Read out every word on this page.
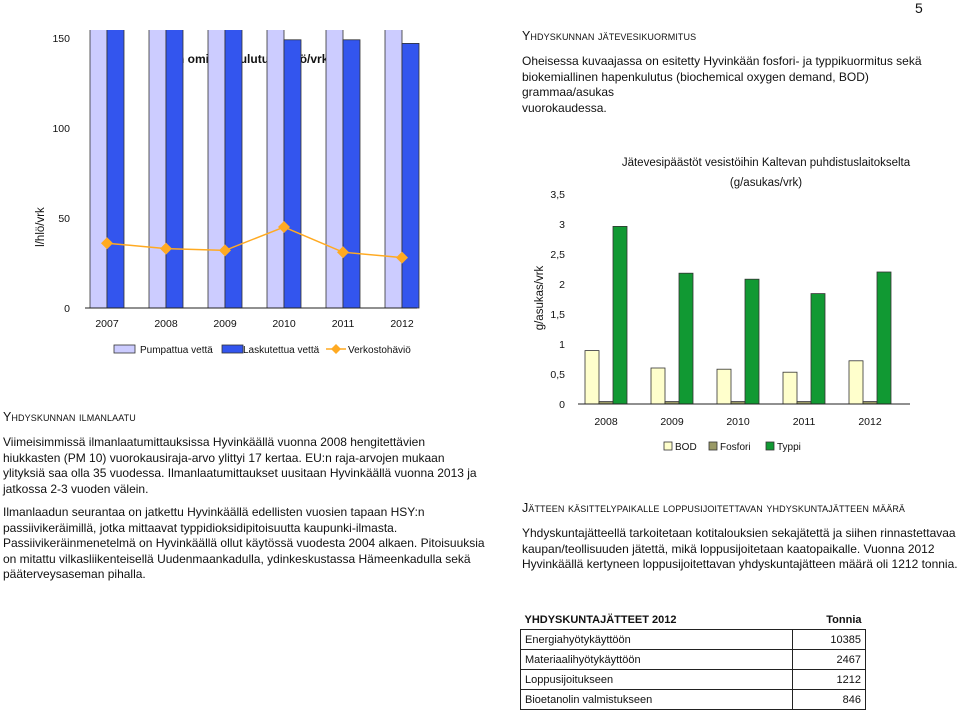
5
l/hlö/vrk
0
50
100
150
l/hlö/vrk
2007	2008	2009	2010	2011	2012
Pumpattua vettä	Laskutettua vettä	Verkostohäviö
Yhdyskunnan jätevesikuormitus
Oheisessa kuvaajassa on esitetty Hyvinkään fosfori- ja typpikuormitus sekä
biokemiallinen hapenkulutus (biochemical oxygen demand, BOD) grammaa/asukas
vuorokaudessa.
Jätevesipäästöt vesistöihin Kaltevan puhdistuslaitokselta
(g/asukas/vrk)
g/asukas/vrk
0
0,5
1
1,5
2
2,5
3
3,5
2008	2009	2010	2011	2012
BOD Fosfori	Typpi
Yhdyskunnan ilmanlaatu
Viimeisimmissä ilmanlaatumittauksissa Hyvinkäällä vuonna 2008 hengitettävien
hiukkasten (PM 10) vuorokausiraja-arvo ylittyi 17 kertaa. EU:n raja-arvojen mukaan
ylityksiä saa olla 35 vuodessa. Ilmanlaatumittaukset uusitaan Hyvinkäällä vuonna 2013 ja
jatkossa 2-3 vuoden välein.
Ilmanlaadun seurantaa on jatkettu Hyvinkäällä edellisten vuosien tapaan HSY:n
passiivikeräimillä, jotka mittaavat typpidioksidipitoisuutta kaupunki-ilmasta.
Passiivikeräinmenetelmä on Hyvinkäällä ollut käytössä vuodesta 2004 alkaen. Pitoisuuksia
on mitattu vilkasliikenteisellä Uudenmaankadulla, ydinkeskustassa Hämeenkadulla sekä
pääterveysaseman pihalla.
Jätteen käsittelypaikalle loppusijoitettavan yhdyskuntajätteen määrä
Yhdyskuntajätteellä tarkoitetaan kotitalouksien sekajätettä ja siihen rinnastettavaa
kaupan/teollisuuden jätettä, mikä loppusijoitetaan kaatopaikalle. Vuonna 2012
Hyvinkäällä kertyneen loppusijoitettavan yhdyskuntajätteen määrä oli 1212 tonnia.
YHDYSKUNTAJÄTTEET 2012	Tonnia
Energiahyötykäyttöön	10385
Materiaalihyötykäyttöön	2467
Loppusijoitukseen	1212
Bioetanolin valmistukseen	846
